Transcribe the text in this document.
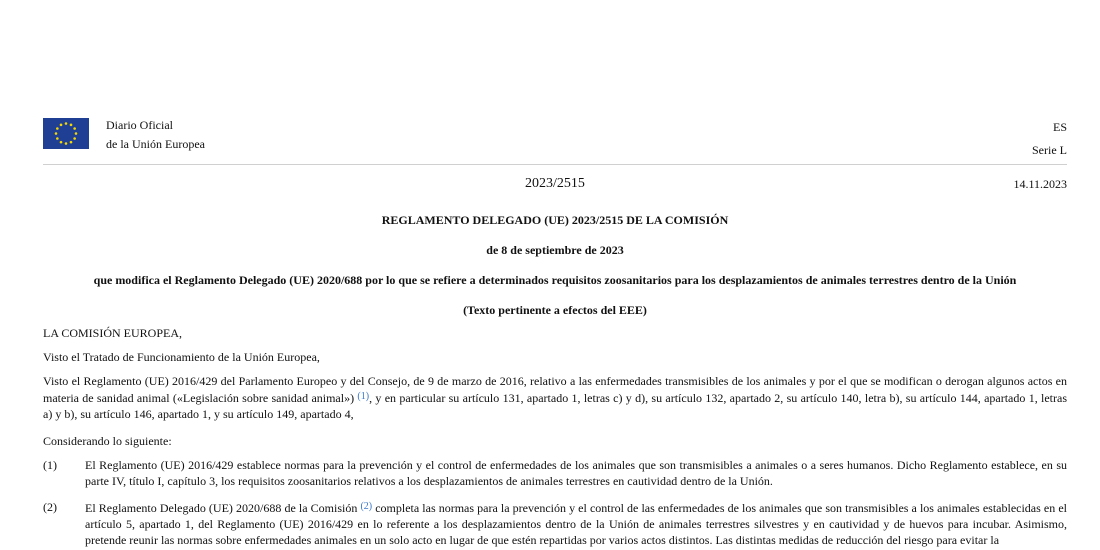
Diario Oficial
de la Unión Europea
ES
Serie L
2023/2515	14.11.2023
REGLAMENTO DELEGADO (UE) 2023/2515 DE LA COMISIÓN
de 8 de septiembre de 2023
que modifica el Reglamento Delegado (UE) 2020/688 por lo que se refiere a determinados requisitos zoosanitarios para los desplazamientos de animales terrestres dentro de la Unión
(Texto pertinente a efectos del EEE)
LA COMISIÓN EUROPEA,
Visto el Tratado de Funcionamiento de la Unión Europea,
Visto el Reglamento (UE) 2016/429 del Parlamento Europeo y del Consejo, de 9 de marzo de 2016, relativo a las enfermedades transmisibles de los animales y por el que se modifican o derogan algunos actos en materia de sanidad animal («Legislación sobre sanidad animal») $^{(1)}$, y en particular su artículo 131, apartado 1, letras c) y d), su artículo 132, apartado 2, su artículo 140, letra b), su artículo 144, apartado 1, letras a) y b), su artículo 146, apartado 1, y su artículo 149, apartado 4,
Considerando lo siguiente:
(1) El Reglamento (UE) 2016/429 establece normas para la prevención y el control de enfermedades de los animales que son transmisibles a animales o a seres humanos. Dicho Reglamento establece, en su parte IV, título I, capítulo 3, los requisitos zoosanitarios relativos a los desplazamientos de animales terrestres en cautividad dentro de la Unión.
(2) El Reglamento Delegado (UE) 2020/688 de la Comisión $^{(2)}$ completa las normas para la prevención y el control de las enfermedades de los animales que son transmisibles a los animales establecidas en el artículo 5, apartado 1, del Reglamento (UE) 2016/429 en lo referente a los desplazamientos dentro de la Unión de animales terrestres silvestres y en cautividad y de huevos para incubar. Asimismo, pretende reunir las normas sobre enfermedades animales en un solo acto en lugar de que estén repartidas por varios actos distintos. Las distintas medidas de reducción del riesgo para evitar la
